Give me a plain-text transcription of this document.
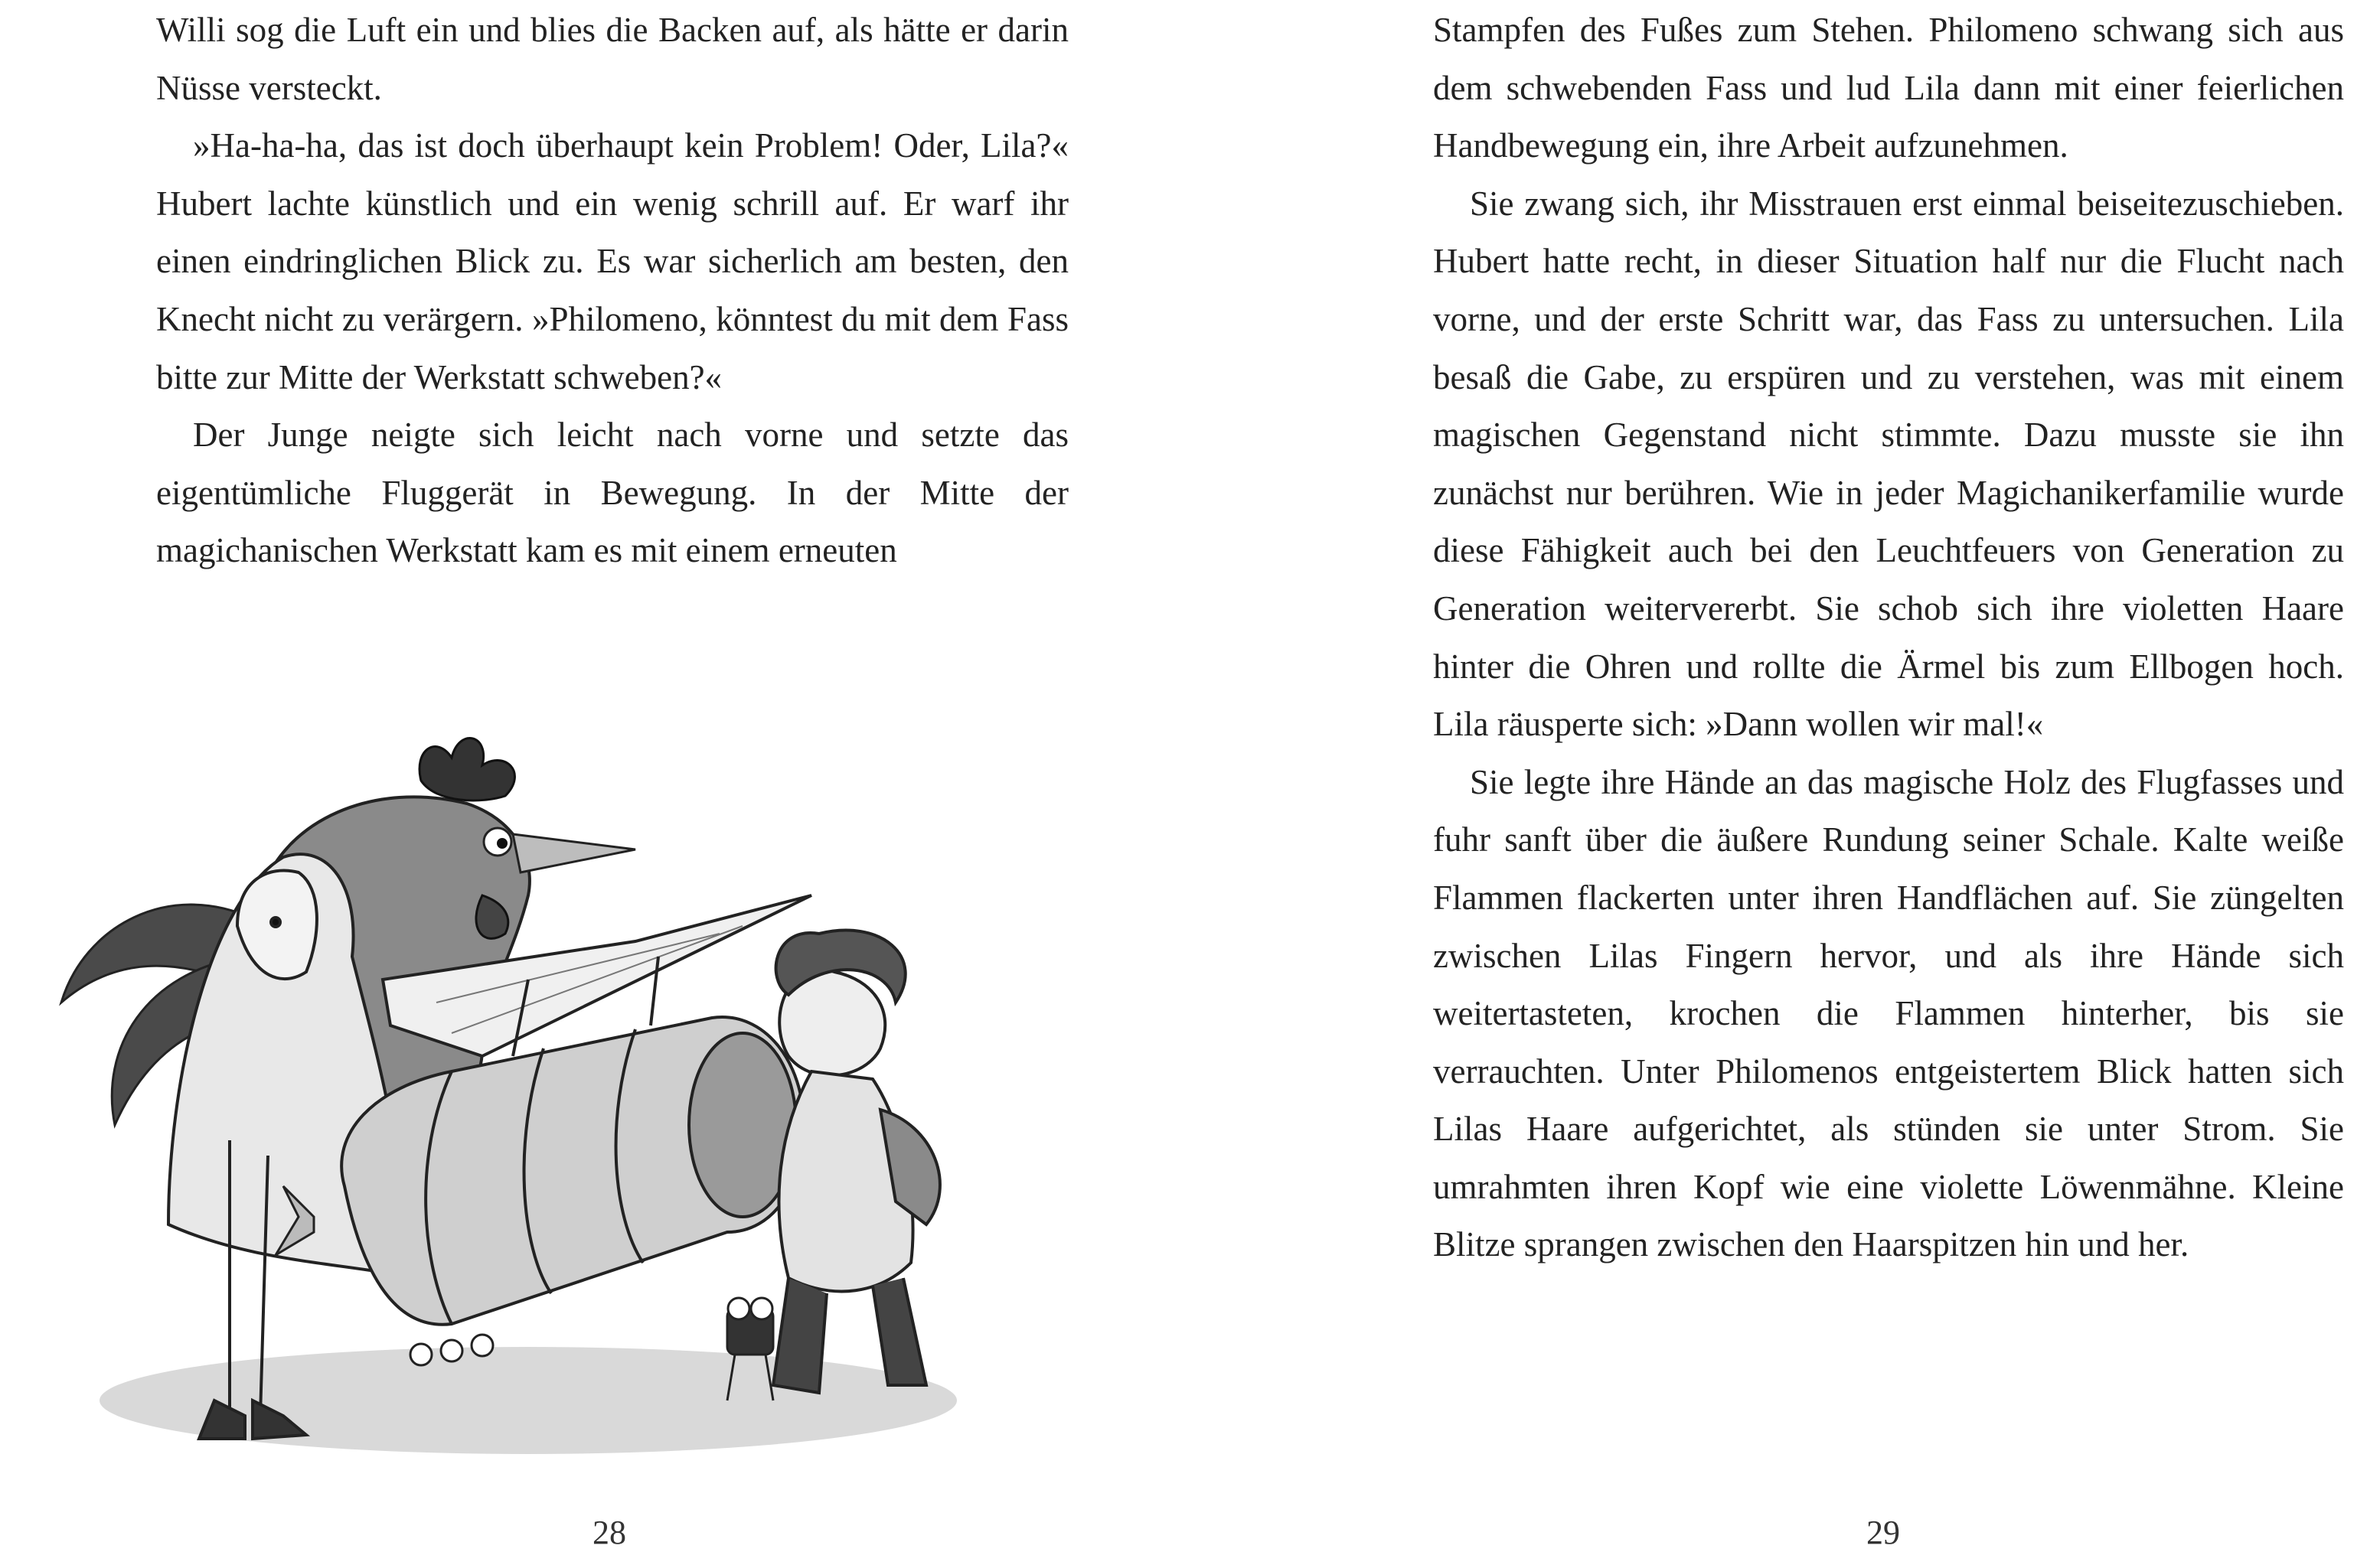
Willi sog die Luft ein und blies die Backen auf, als hätte er darin Nüsse versteckt.

»Ha-ha-ha, das ist doch überhaupt kein Problem! Oder, Lila?« Hubert lachte künstlich und ein wenig schrill auf. Er warf ihr einen eindringlichen Blick zu. Es war sicherlich am besten, den Knecht nicht zu verärgern. »Philomeno, könntest du mit dem Fass bitte zur Mitte der Werkstatt schweben?«

Der Junge neigte sich leicht nach vorne und setzte das eigentümliche Fluggerät in Bewegung. In der Mitte der magichanischen Werkstatt kam es mit einem erneuten

28

Stampfen des Fußes zum Stehen. Philomeno schwang sich aus dem schwebenden Fass und lud Lila dann mit einer feierlichen Handbewegung ein, ihre Arbeit aufzunehmen.

Sie zwang sich, ihr Misstrauen erst einmal beiseitezuschieben. Hubert hatte recht, in dieser Situation half nur die Flucht nach vorne, und der erste Schritt war, das Fass zu untersuchen. Lila besaß die Gabe, zu erspüren und zu verstehen, was mit einem magischen Gegenstand nicht stimmte. Dazu musste sie ihn zunächst nur berühren. Wie in jeder Magichanikerfamilie wurde diese Fähigkeit auch bei den Leuchtfeuers von Generation zu Generation weitervererbt. Sie schob sich ihre violetten Haare hinter die Ohren und rollte die Ärmel bis zum Ellbogen hoch. Lila räusperte sich: »Dann wollen wir mal!«

Sie legte ihre Hände an das magische Holz des Flugfasses und fuhr sanft über die äußere Rundung seiner Schale. Kalte weiße Flammen flackerten unter ihren Handflächen auf. Sie züngelten zwischen Lilas Fingern hervor, und als ihre Hände sich weitertasteten, krochen die Flammen hinterher, bis sie verrauchten. Unter Philomenos entgeistertem Blick hatten sich Lilas Haare aufgerichtet, als stünden sie unter Strom. Sie umrahmten ihren Kopf wie eine violette Löwenmähne. Kleine Blitze sprangen zwischen den Haarspitzen hin und her.

29
